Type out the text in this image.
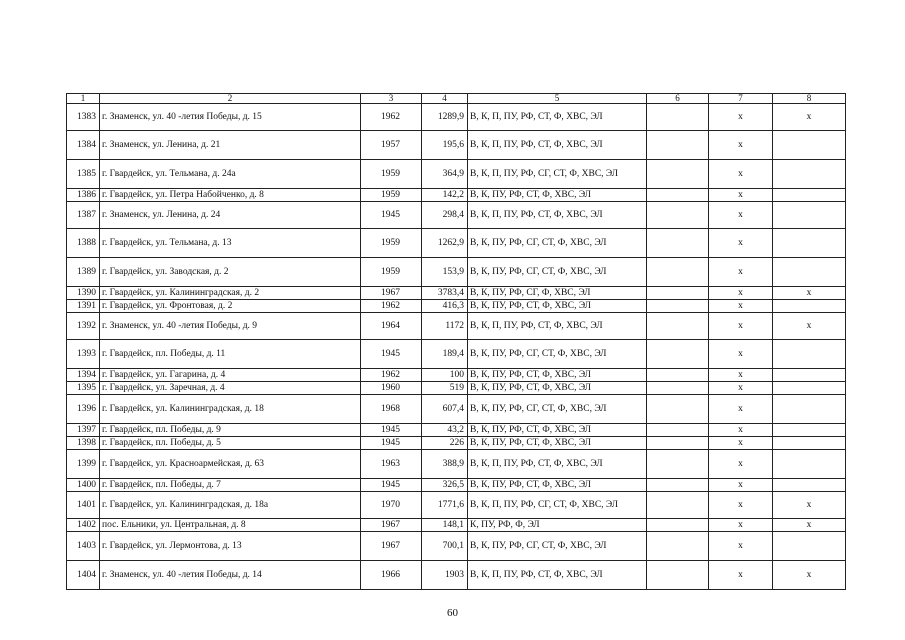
1	2	3	4	5	6	7	8
1383	г. Знаменск, ул. 40 -летия Победы, д. 15	1962	1289,9	В, К, П, ПУ, РФ, СТ, Ф, ХВС, ЭЛ		х	х
1384	г. Знаменск, ул. Ленина, д. 21	1957	195,6	В, К, П, ПУ, РФ, СТ, Ф, ХВС, ЭЛ		х	
1385	г. Гвардейск, ул. Тельмана, д. 24а	1959	364,9	В, К, П, ПУ, РФ, СГ, СТ, Ф, ХВС, ЭЛ		х	
1386	г. Гвардейск, ул. Петра Набойченко, д. 8	1959	142,2	В, К, ПУ, РФ, СТ, Ф, ХВС, ЭЛ		х	
1387	г. Знаменск, ул. Ленина, д. 24	1945	298,4	В, К, П, ПУ, РФ, СТ, Ф, ХВС, ЭЛ		х	
1388	г. Гвардейск, ул. Тельмана, д. 13	1959	1262,9	В, К, ПУ, РФ, СГ, СТ, Ф, ХВС, ЭЛ		х	
1389	г. Гвардейск, ул. Заводская, д. 2	1959	153,9	В, К, ПУ, РФ, СГ, СТ, Ф, ХВС, ЭЛ		х	
1390	г. Гвардейск, ул. Калининградская, д. 2	1967	3783,4	В, К, ПУ, РФ, СГ, Ф, ХВС, ЭЛ		х	х
1391	г. Гвардейск, ул. Фронтовая, д. 2	1962	416,3	В, К, ПУ, РФ, СТ, Ф, ХВС, ЭЛ		х	
1392	г. Знаменск, ул. 40 -летия Победы, д. 9	1964	1172	В, К, П, ПУ, РФ, СТ, Ф, ХВС, ЭЛ		х	х
1393	г. Гвардейск, пл. Победы, д. 11	1945	189,4	В, К, ПУ, РФ, СГ, СТ, Ф, ХВС, ЭЛ		х	
1394	г. Гвардейск, ул. Гагарина, д. 4	1962	100	В, К, ПУ, РФ, СТ, Ф, ХВС, ЭЛ		х	
1395	г. Гвардейск, ул. Заречная, д. 4	1960	519	В, К, ПУ, РФ, СТ, Ф, ХВС, ЭЛ		х	
1396	г. Гвардейск, ул. Калининградская, д. 18	1968	607,4	В, К, ПУ, РФ, СГ, СТ, Ф, ХВС, ЭЛ		х	
1397	г. Гвардейск, пл. Победы, д. 9	1945	43,2	В, К, ПУ, РФ, СТ, Ф, ХВС, ЭЛ		х	
1398	г. Гвардейск, пл. Победы, д. 5	1945	226	В, К, ПУ, РФ, СТ, Ф, ХВС, ЭЛ		х	
1399	г. Гвардейск, ул. Красноармейская, д. 63	1963	388,9	В, К, П, ПУ, РФ, СТ, Ф, ХВС, ЭЛ		х	
1400	г. Гвардейск, пл. Победы, д. 7	1945	326,5	В, К, ПУ, РФ, СТ, Ф, ХВС, ЭЛ		х	
1401	г. Гвардейск, ул. Калининградская, д. 18а	1970	1771,6	В, К, П, ПУ, РФ, СГ, СТ, Ф, ХВС, ЭЛ		х	х
1402	пос. Ельники, ул. Центральная, д. 8	1967	148,1	К, ПУ, РФ, Ф, ЭЛ		х	х
1403	г. Гвардейск, ул. Лермонтова, д. 13	1967	700,1	В, К, ПУ, РФ, СГ, СТ, Ф, ХВС, ЭЛ		х	
1404	г. Знаменск, ул. 40 -летия Победы, д. 14	1966	1903	В, К, П, ПУ, РФ, СТ, Ф, ХВС, ЭЛ		х	х
60
